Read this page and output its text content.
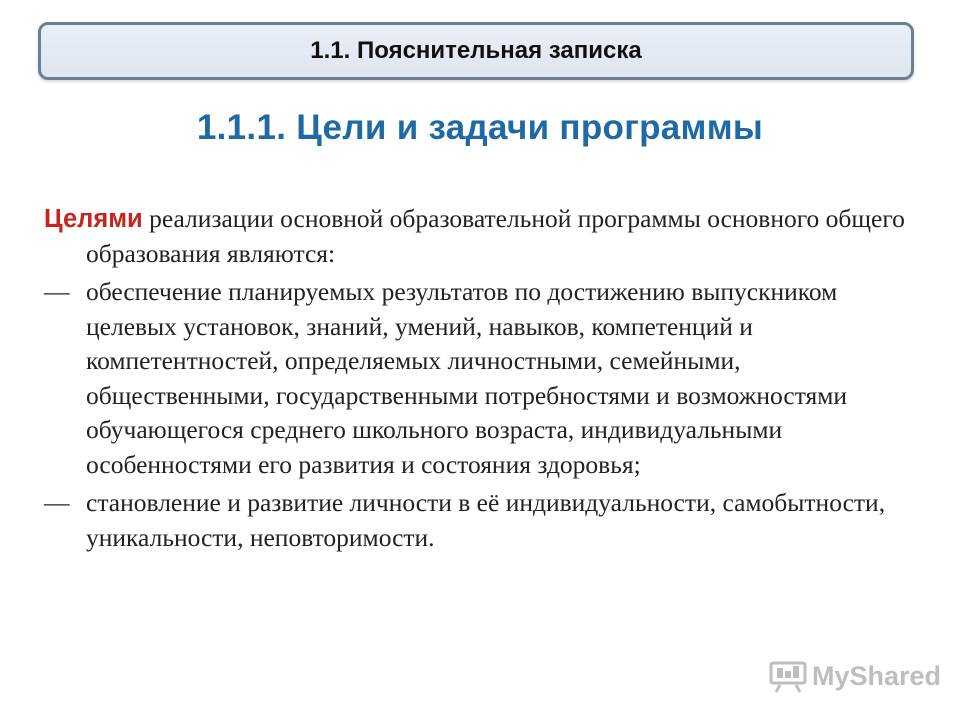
1.1. Пояснительная записка
1.1.1. Цели и задачи программы

Целями реализации основной образовательной программы основного общего образования являются:

— обеспечение планируемых результатов по достижению выпускником целевых установок, знаний, умений, навыков, компетенций и компетентностей, определяемых личностными, семейными, общественными, государственными потребностями и возможностями обучающегося среднего школьного возраста, индивидуальными особенностями его развития и состояния здоровья;

— становление и развитие личности в её индивидуальности, самобытности, уникальности, неповторимости.

MyShared
